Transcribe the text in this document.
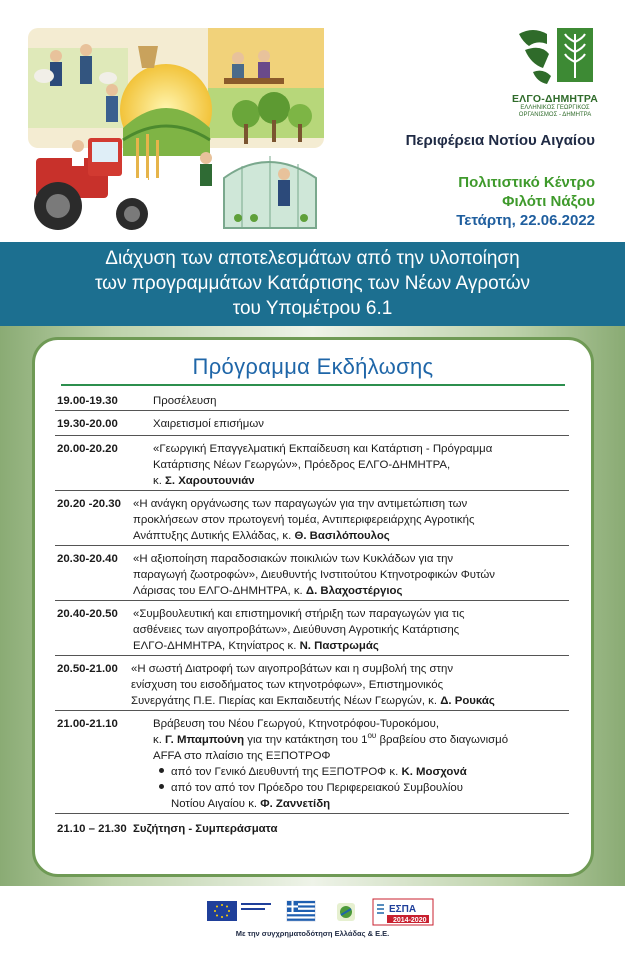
ΕΛΓΟ-ΔΗΜΗΤΡΑ
ΕΛΛΗΝΙΚΟΣ ΓΕΩΡΓΙΚΟΣ
ΟΡΓΑΝΙΣΜΟΣ - ΔΗΜΗΤΡΑ
Περιφέρεια Νοτίου Αιγαίου
Πολιτιστικό Κέντρο
Φιλότι Νάξου
Τετάρτη, 22.06.2022
Διάχυση των αποτελεσμάτων από την υλοποίηση
των προγραμμάτων Κατάρτισης των Νέων Αγροτών
του Υπομέτρου 6.1
Πρόγραμμα Εκδήλωσης
19.00-19.30	Προσέλευση
19.30-20.00	Χαιρετισμοί επισήμων
20.00-20.20	«Γεωργική Επαγγελματική Εκπαίδευση και Κατάρτιση - Πρόγραμμα
Κατάρτισης Νέων Γεωργών», Πρόεδρος ΕΛΓΟ-ΔΗΜΗΤΡΑ,
κ. Σ. Χαρουτουνιάν
20.20 -20.30 «Η ανάγκη οργάνωσης των παραγωγών για την αντιμετώπιση των
προκλήσεων στον πρωτογενή τομέα, Αντιπεριφερειάρχης Αγροτικής
Ανάπτυξης Δυτικής Ελλάδας, κ. Θ. Βασιλόπουλος
20.30-20.40 «Η αξιοποίηση παραδοσιακών ποικιλιών των Κυκλάδων για την
παραγωγή ζωοτροφών», Διευθυντής Ινστιτούτου Κτηνοτροφικών Φυτών
Λάρισας του ΕΛΓΟ-ΔΗΜΗΤΡΑ, κ. Δ. Βλαχοστέργιος
20.40-20.50 «Συμβουλευτική και επιστημονική στήριξη των παραγωγών για τις
ασθένειες των αιγοπροβάτων», Διεύθυνση Αγροτικής Κατάρτισης
ΕΛΓΟ-ΔΗΜΗΤΡΑ, Κτηνίατρος κ. Ν. Παστρωμάς
20.50-21.00 «Η σωστή Διατροφή των αιγοπροβάτων και η συμβολή της στην
ενίσχυση του εισοδήματος των κτηνοτρόφων», Επιστημονικός
Συνεργάτης Π.Ε. Πιερίας και Εκπαιδευτής Νέων Γεωργών, κ. Δ. Ρουκάς
21.00-21.10	Βράβευση του Νέου Γεωργού, Κτηνοτρόφου-Τυροκόμου,
κ. Γ. Μπαμπούνη για την κατάκτηση του $1^{o\upsilon}$ βραβείου στο διαγωνισμό
AFFA στο πλαίσιο της ΕΞΠΟΤΡΟΦ
από τον Γενικό Διευθυντή της ΕΞΠΟΤΡΟΦ κ. Κ. Μοσχονά
από τον από τον Πρόεδρο του Περιφερειακού Συμβουλίου
Νοτίου Αιγαίου κ. Φ. Ζαννετίδη
21.10 – 21.30 Συζήτηση - Συμπεράσματα
ΕΣΠΑ
2014-2020
Με την συγχρηματοδότηση Ελλάδας & Ε.Ε.
